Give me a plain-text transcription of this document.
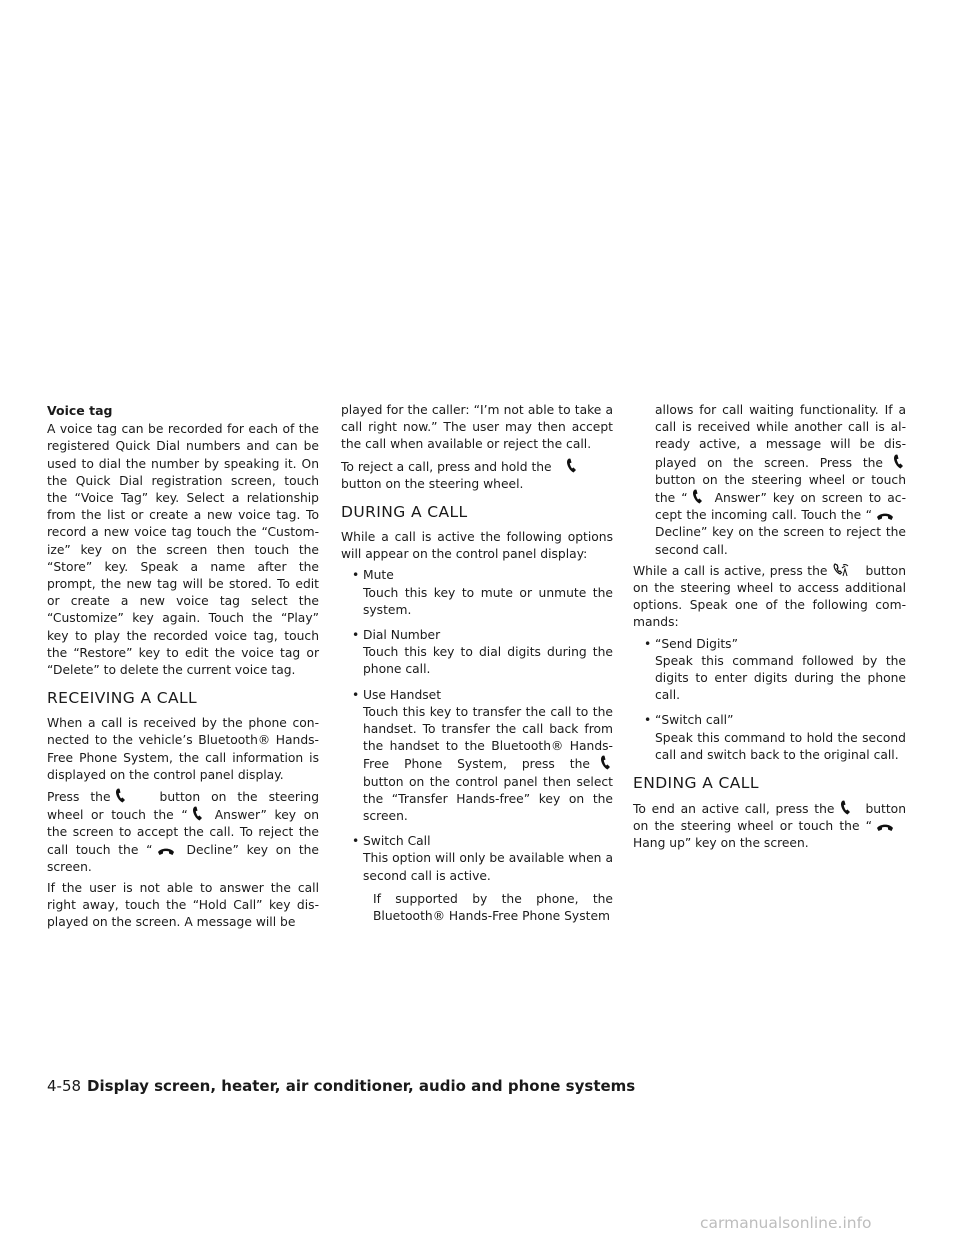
Voice tag

A voice tag can be recorded for each of the registered Quick Dial numbers and can be used to dial the number by speaking it. On the Quick Dial registration screen, touch the “Voice Tag” key. Select a relationship from the list or create a new voice tag. To record a new voice tag touch the “Customize” key on the screen then touch the “Store” key. Speak a name after the prompt, the new tag will be stored. To edit or create a new voice tag select the “Customize” key again. Touch the “Play” key to play the recorded voice tag, touch the “Restore” key to edit the voice tag or “Delete” to delete the current voice tag.

RECEIVING A CALL

When a call is received by the phone connected to the vehicle’s Bluetooth® Hands-Free Phone System, the call information is displayed on the control panel display.

Press the	button on the steering wheel or touch the “ Answer” key on the screen to accept the call. To reject the call touch the “	Decline” key on the screen.

If the user is not able to answer the call right away, touch the “Hold Call” key displayed on the screen. A message will be

played for the caller: “I’m not able to take a call right now.” The user may then accept the call when available or reject the call.

To reject a call, press and hold the

button on the steering wheel.

DURING A CALL

While a call is active the following options will appear on the control panel display:

• Mute
Touch this key to mute or unmute the system.
• Dial Number
Touch this key to dial digits during the phone call.
• Use Handset
Touch this key to transfer the call to the handset. To transfer the call back from the handset to the Bluetooth® Hands-Free Phone System, press the
button on the control panel then select the “Transfer Hands-free” key on the screen.
• Switch Call
This option will only be available when a second call is active.
If supported by the phone, the Bluetooth® Hands-Free Phone System

allows for call waiting functionality. If a call is received while another call is already active, a message will be displayed on the screen. Press the
button on the steering wheel or touch the “ Answer” key on screen to accept the incoming call. Touch the “
Decline” key on the screen to reject the second call.

While a call is active, press the	button on the steering wheel to access additional options. Speak one of the following commands:

• “Send Digits”
Speak this command followed by the digits to enter digits during the phone call.
• “Switch call”
Speak this command to hold the second call and switch back to the original call.
ENDING A CALL

To end an active call, press the	button on the steering wheel or touch the “
Hang up” key on the screen.

4-58 Display screen, heater, air conditioner, audio and phone systems
carmanualsonline.info
